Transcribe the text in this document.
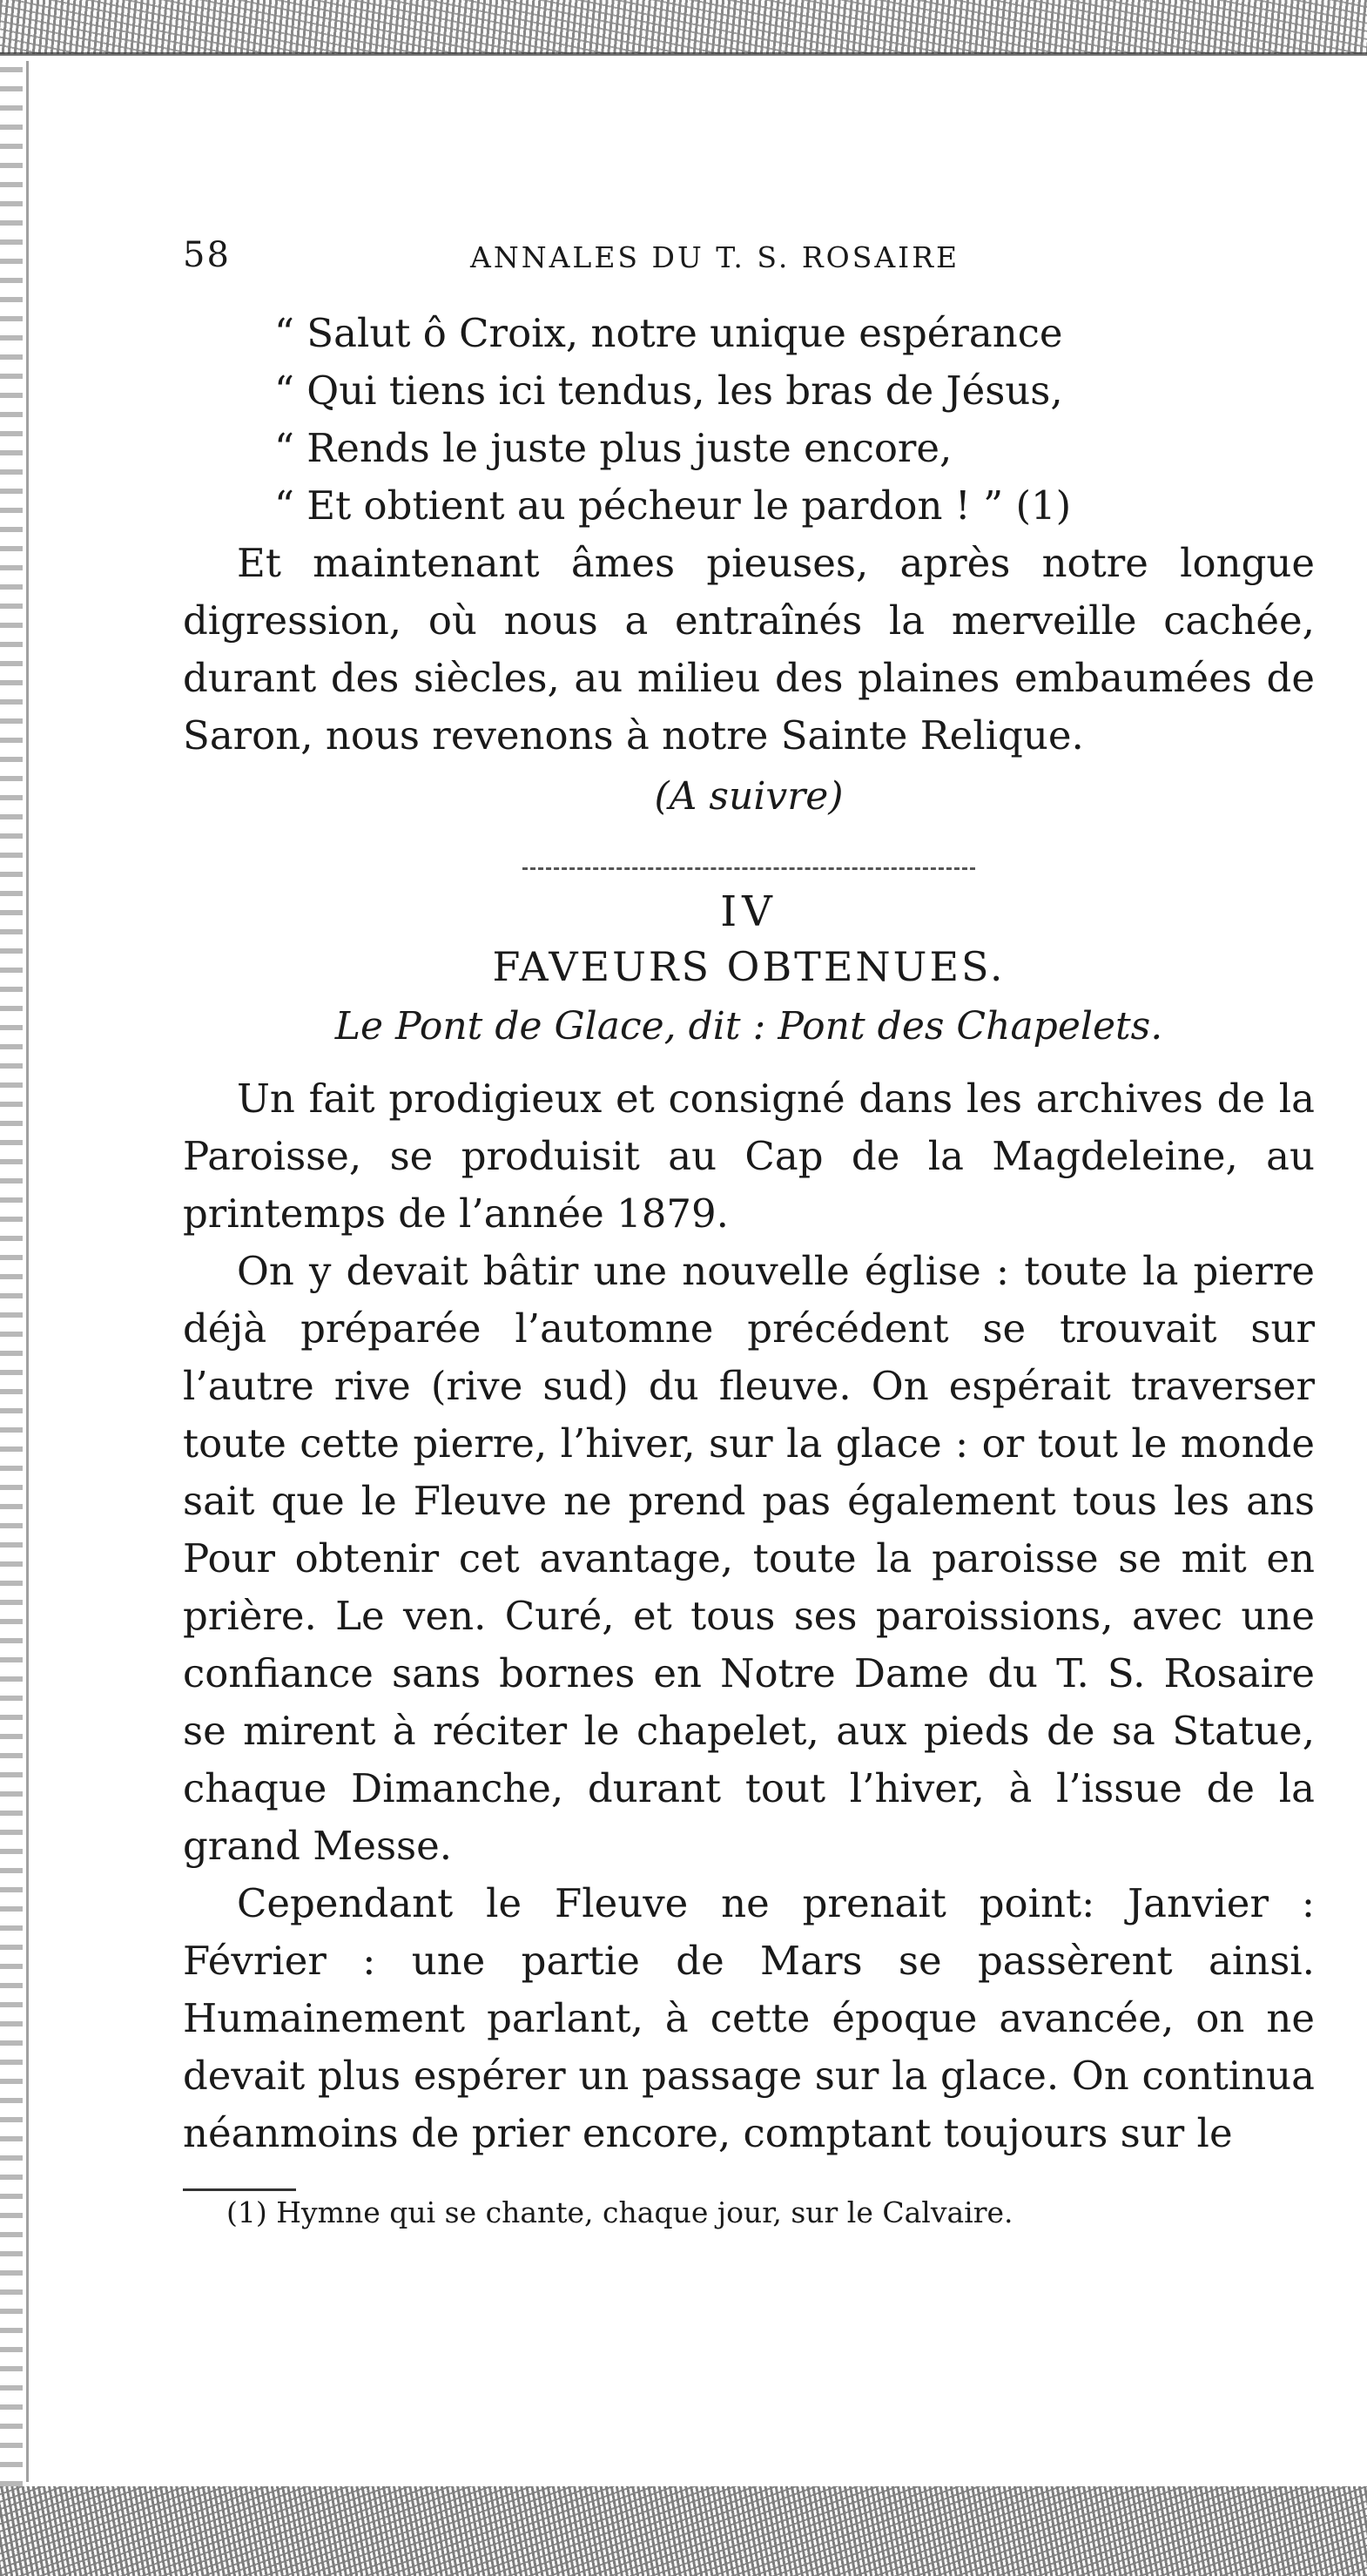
58	ANNALES DU T. S. ROSAIRE
“ Salut ô Croix, notre unique espérance
“ Qui tiens ici tendus, les bras de Jésus,
“ Rends le juste plus juste encore,
“ Et obtient au pécheur le pardon ! ” (1)

Et maintenant âmes pieuses, après notre longue digression, où nous a entraînés la merveille cachée, durant des siècles, au milieu des plaines embaumées de Saron, nous revenons à notre Sainte Relique.

(A suivre)

IV
FAVEURS OBTENUES.
Le Pont de Glace, dit : Pont des Chapelets.

Un fait prodigieux et consigné dans les archives de la Paroisse, se produisit au Cap de la Magdeleine, au printemps de l’année 1879.

On y devait bâtir une nouvelle église : toute la pierre déjà préparée l’automne précédent se trouvait sur l’autre rive (rive sud) du fleuve. On espérait traverser toute cette pierre, l’hiver, sur la glace : or tout le monde sait que le Fleuve ne prend pas également tous les ans Pour obtenir cet avantage, toute la paroisse se mit en prière. Le ven. Curé, et tous ses paroissions, avec une confiance sans bornes en Notre Dame du T. S. Rosaire se mirent à réciter le chapelet, aux pieds de sa Statue, chaque Dimanche, durant tout l’hiver, à l’issue de la grand Messe.

Cependant le Fleuve ne prenait point: Janvier : Février : une partie de Mars se passèrent ainsi. Humainement parlant, à cette époque avancée, on ne devait plus espérer un passage sur la glace. On continua néanmoins de prier encore, comptant toujours sur le

(1) Hymne qui se chante, chaque jour, sur le Calvaire.
